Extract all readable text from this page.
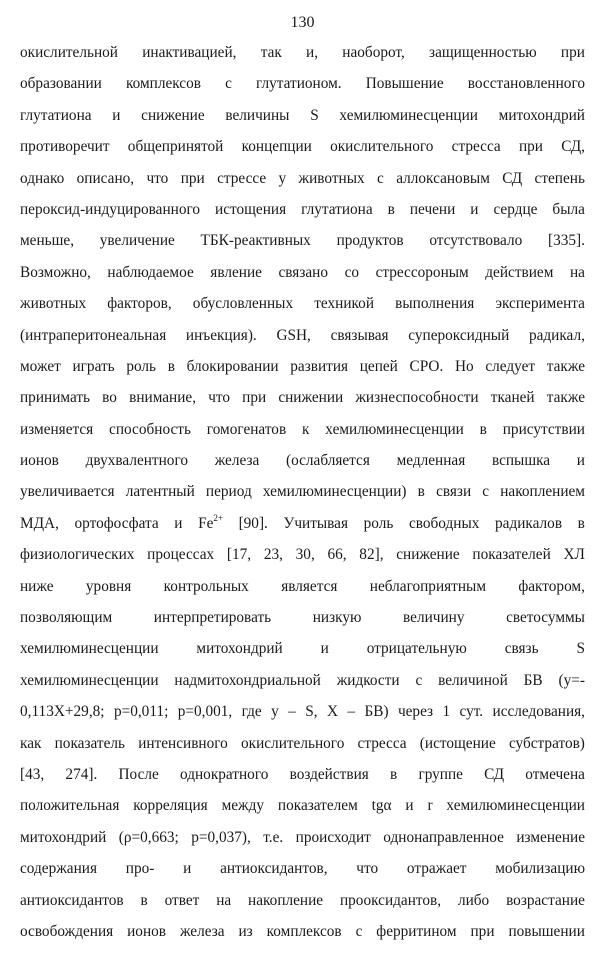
130
окислительной инактивацией, так и, наоборот, защищенностью при
образовании комплексов с глутатионом. Повышение восстановленного
глутатиона и снижение величины S хемилюминесценции митохондрий
противоречит общепринятой концепции окислительного стресса при СД,
однако описано, что при стрессе у животных с аллоксановым СД степень
пероксид-индуцированного истощения глутатиона в печени и сердце была
меньше, увеличение ТБК-реактивных продуктов отсутствовало [335].
Возможно, наблюдаемое явление связано со стрессороным действием на
животных факторов, обусловленных техникой выполнения эксперимента
(интраперитонеальная инъекция). GSH, связывая супероксидный радикал,
может играть роль в блокировании развития цепей СРО. Но следует также
принимать во внимание, что при снижении жизнеспособности тканей также
изменяется способность гомогенатов к хемилюминесценции в присутствии
ионов двухвалентного железа (ослабляется медленная вспышка и
увеличивается латентный период хемилюминесценции) в связи с накоплением
МДА, ортофосфата и $Fe^{2+}$ [90]. Учитывая роль свободных радикалов в
физиологических процессах [17, 23, 30, 66, 82], снижение показателей ХЛ
ниже уровня контрольных является неблагоприятным фактором,
позволяющим	интерпретировать	низкую	величину	светосуммы
хемилюминесценции митохондрий и отрицательную связь S
хемилюминесценции надмитохондриальной жидкости с величиной БВ (y=-
0,113X+29,8; p=0,011; p=0,001, где y – S, X – БВ) через 1 сут. исследования,
как показатель интенсивного окислительного стресса (истощение субстратов)
[43, 274]. После однократного воздействия в группе СД отмечена
положительная корреляция между показателем tgα и r хемилюминесценции
митохондрий (ρ=0,663; p=0,037), т.е. происходит однонаправленное изменение
содержания про- и антиоксидантов, что отражает мобилизацию
антиоксидантов в ответ на накопление прооксидантов, либо возрастание
освобождения ионов железа из комплексов с ферритином при повышении
